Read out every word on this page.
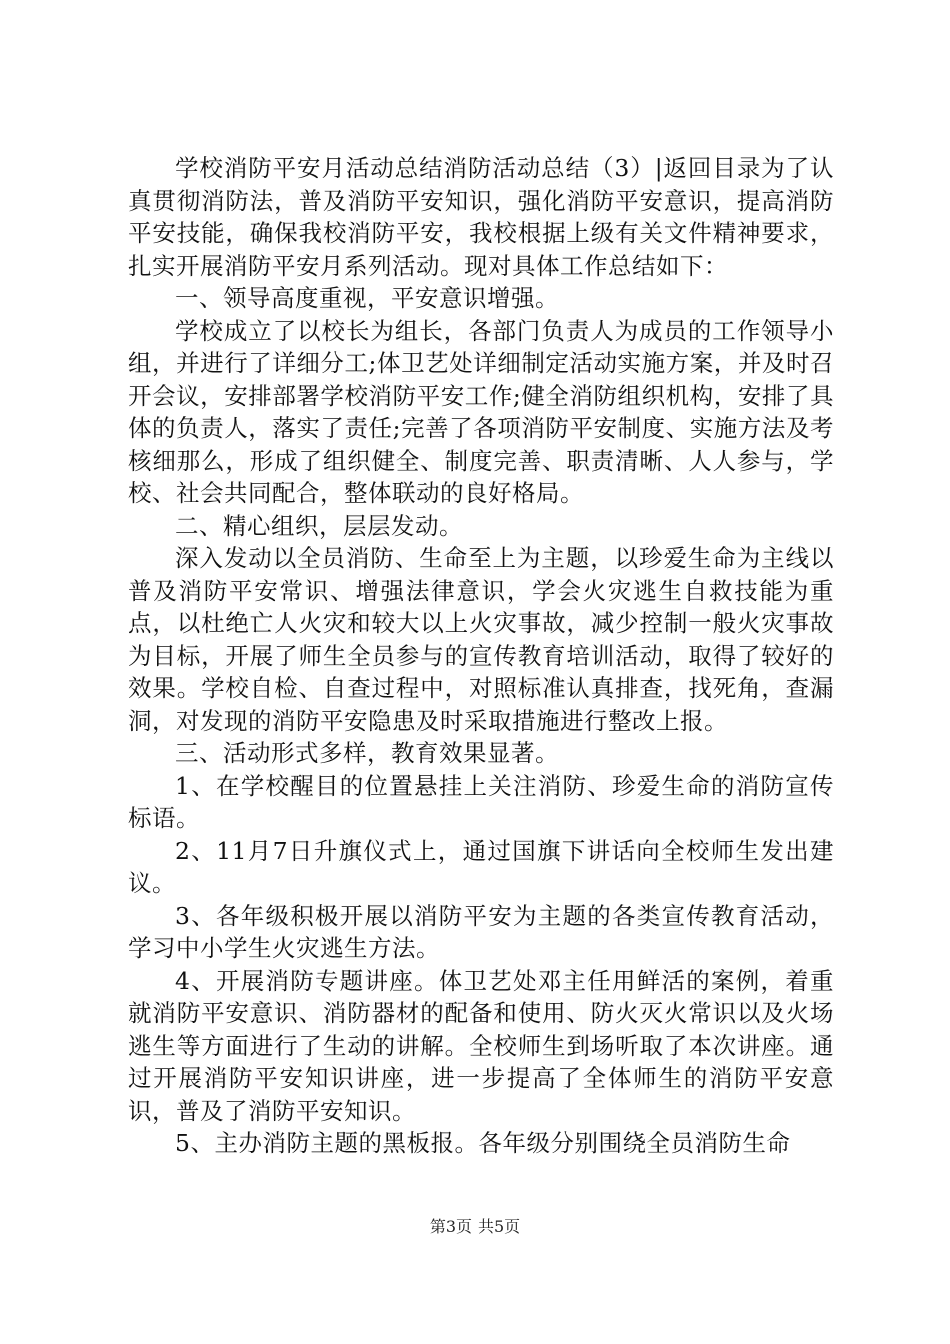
学校消防平安月活动总结消防活动总结（3）|返回目录为了认真贯彻消防法，普及消防平安知识，强化消防平安意识，提高消防平安技能，确保我校消防平安，我校根据上级有关文件精神要求，扎实开展消防平安月系列活动。现对具体工作总结如下：

一、领导高度重视，平安意识增强。

学校成立了以校长为组长，各部门负责人为成员的工作领导小组，并进行了详细分工;体卫艺处详细制定活动实施方案，并及时召开会议，安排部署学校消防平安工作;健全消防组织机构，安排了具体的负责人，落实了责任;完善了各项消防平安制度、实施方法及考核细那么，形成了组织健全、制度完善、职责清晰、人人参与，学校、社会共同配合，整体联动的良好格局。

二、精心组织，层层发动。

深入发动以全员消防、生命至上为主题，以珍爱生命为主线以普及消防平安常识、增强法律意识，学会火灾逃生自救技能为重点，以杜绝亡人火灾和较大以上火灾事故，减少控制一般火灾事故为目标，开展了师生全员参与的宣传教育培训活动，取得了较好的效果。学校自检、自查过程中，对照标准认真排查，找死角，查漏洞，对发现的消防平安隐患及时采取措施进行整改上报。

三、活动形式多样，教育效果显著。

1、在学校醒目的位置悬挂上关注消防、珍爱生命的消防宣传标语。

2、11月7日升旗仪式上，通过国旗下讲话向全校师生发出建议。

3、各年级积极开展以消防平安为主题的各类宣传教育活动，学习中小学生火灾逃生方法。

4、开展消防专题讲座。体卫艺处邓主任用鲜活的案例，着重就消防平安意识、消防器材的配备和使用、防火灭火常识以及火场逃生等方面进行了生动的讲解。全校师生到场听取了本次讲座。通过开展消防平安知识讲座，进一步提高了全体师生的消防平安意识，普及了消防平安知识。

5、主办消防主题的黑板报。各年级分别围绕全员消防生命

第3页 共5页
